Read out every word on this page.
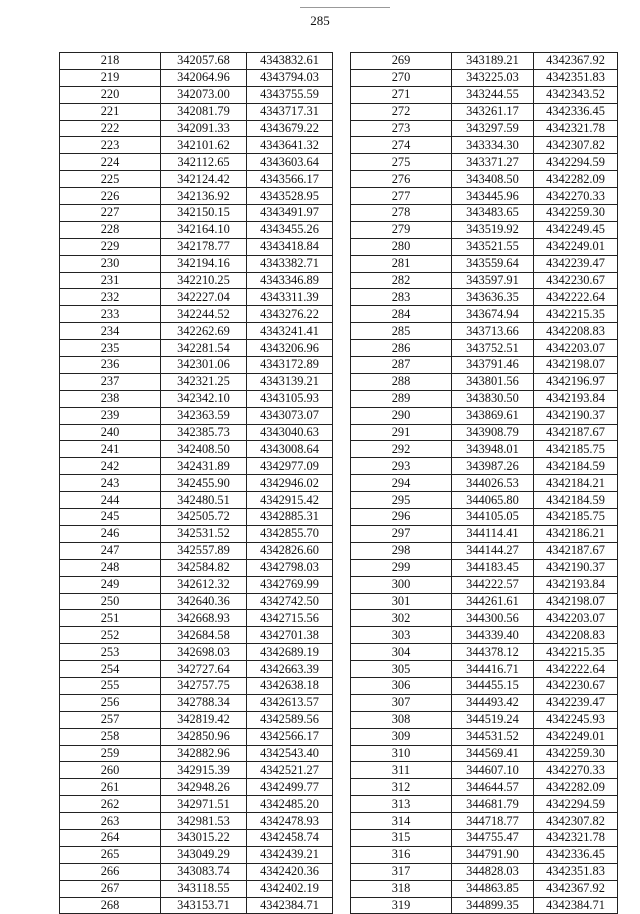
285
218	342057.68	4343832.61
219	342064.96	4343794.03
220	342073.00	4343755.59
221	342081.79	4343717.31
222	342091.33	4343679.22
223	342101.62	4343641.32
224	342112.65	4343603.64
225	342124.42	4343566.17
226	342136.92	4343528.95
227	342150.15	4343491.97
228	342164.10	4343455.26
229	342178.77	4343418.84
230	342194.16	4343382.71
231	342210.25	4343346.89
232	342227.04	4343311.39
233	342244.52	4343276.22
234	342262.69	4343241.41
235	342281.54	4343206.96
236	342301.06	4343172.89
237	342321.25	4343139.21
238	342342.10	4343105.93
239	342363.59	4343073.07
240	342385.73	4343040.63
241	342408.50	4343008.64
242	342431.89	4342977.09
243	342455.90	4342946.02
244	342480.51	4342915.42
245	342505.72	4342885.31
246	342531.52	4342855.70
247	342557.89	4342826.60
248	342584.82	4342798.03
249	342612.32	4342769.99
250	342640.36	4342742.50
251	342668.93	4342715.56
252	342684.58	4342701.38
253	342698.03	4342689.19
254	342727.64	4342663.39
255	342757.75	4342638.18
256	342788.34	4342613.57
257	342819.42	4342589.56
258	342850.96	4342566.17
259	342882.96	4342543.40
260	342915.39	4342521.27
261	342948.26	4342499.77
262	342971.51	4342485.20
263	342981.53	4342478.93
264	343015.22	4342458.74
265	343049.29	4342439.21
266	343083.74	4342420.36
267	343118.55	4342402.19
268	343153.71	4342384.71
269	343189.21	4342367.92
270	343225.03	4342351.83
271	343244.55	4342343.52
272	343261.17	4342336.45
273	343297.59	4342321.78
274	343334.30	4342307.82
275	343371.27	4342294.59
276	343408.50	4342282.09
277	343445.96	4342270.33
278	343483.65	4342259.30
279	343519.92	4342249.45
280	343521.55	4342249.01
281	343559.64	4342239.47
282	343597.91	4342230.67
283	343636.35	4342222.64
284	343674.94	4342215.35
285	343713.66	4342208.83
286	343752.51	4342203.07
287	343791.46	4342198.07
288	343801.56	4342196.97
289	343830.50	4342193.84
290	343869.61	4342190.37
291	343908.79	4342187.67
292	343948.01	4342185.75
293	343987.26	4342184.59
294	344026.53	4342184.21
295	344065.80	4342184.59
296	344105.05	4342185.75
297	344114.41	4342186.21
298	344144.27	4342187.67
299	344183.45	4342190.37
300	344222.57	4342193.84
301	344261.61	4342198.07
302	344300.56	4342203.07
303	344339.40	4342208.83
304	344378.12	4342215.35
305	344416.71	4342222.64
306	344455.15	4342230.67
307	344493.42	4342239.47
308	344519.24	4342245.93
309	344531.52	4342249.01
310	344569.41	4342259.30
311	344607.10	4342270.33
312	344644.57	4342282.09
313	344681.79	4342294.59
314	344718.77	4342307.82
315	344755.47	4342321.78
316	344791.90	4342336.45
317	344828.03	4342351.83
318	344863.85	4342367.92
319	344899.35	4342384.71
